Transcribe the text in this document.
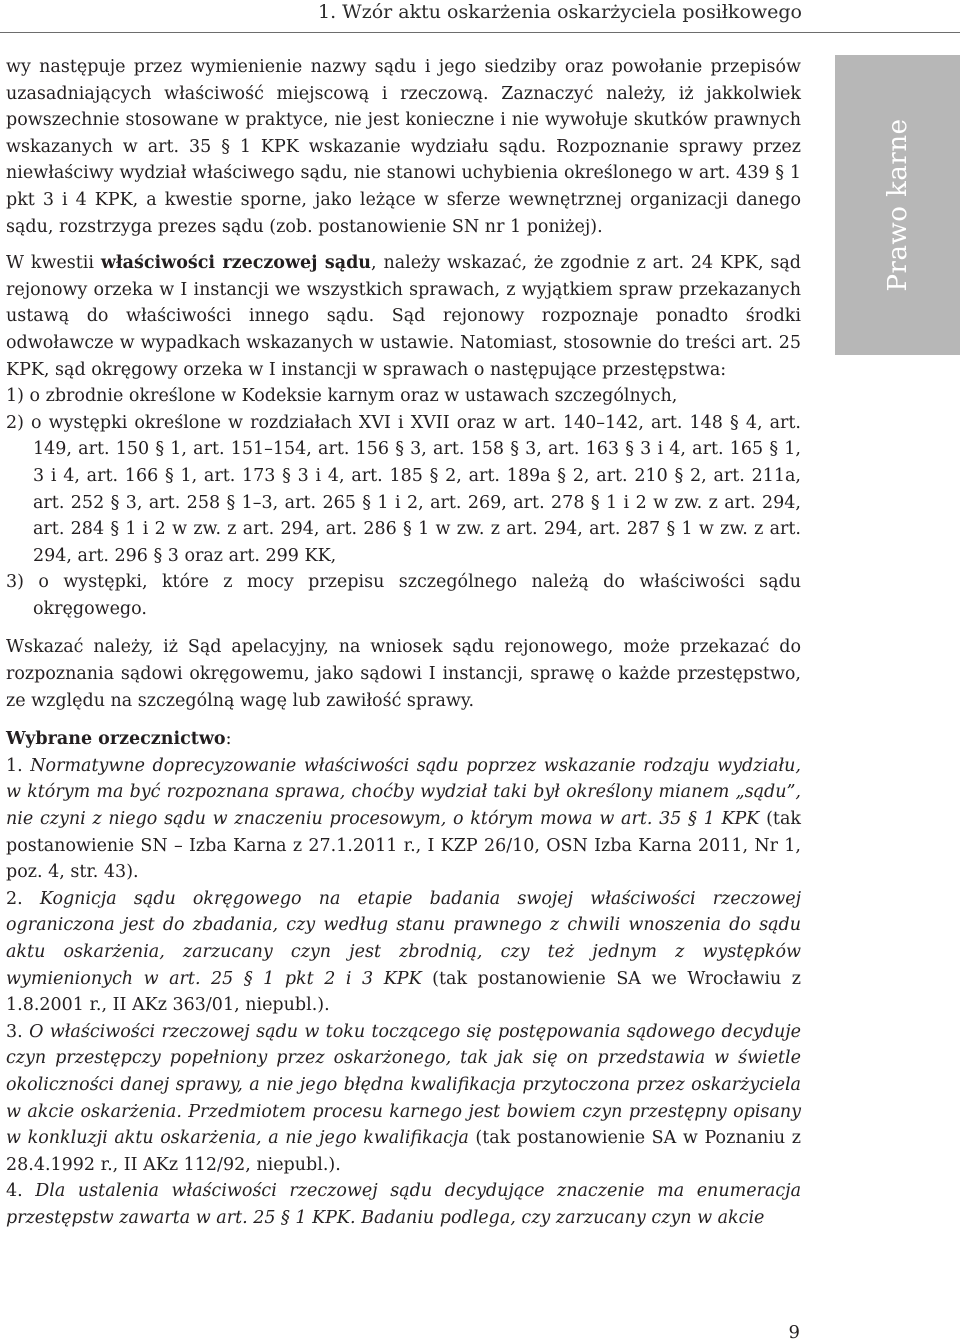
1. Wzór aktu oskarżenia oskarżyciela posiłkowego
Prawo karne

wy następuje przez wymienienie nazwy sądu i jego siedziby oraz powołanie przepisów uzasadniających właściwość miejscową i rzeczową. Zaznaczyć należy, iż jakkolwiek powszechnie stosowane w praktyce, nie jest konieczne i nie wywołuje skutków prawnych wskazanych w art. 35 § 1 KPK wskazanie wydziału sądu. Rozpoznanie sprawy przez niewłaściwy wydział właściwego sądu, nie stanowi uchybienia określonego w art. 439 § 1 pkt 3 i 4 KPK, a kwestie sporne, jako leżące w sferze wewnętrznej organizacji danego sądu, rozstrzyga prezes sądu (zob. postanowienie SN nr 1 poniżej).

W kwestii właściwości rzeczowej sądu, należy wskazać, że zgodnie z art. 24 KPK, sąd rejonowy orzeka w I instancji we wszystkich sprawach, z wyjątkiem spraw przekazanych ustawą do właściwości innego sądu. Sąd rejonowy rozpoznaje ponadto środki odwoławcze w wypadkach wskazanych w ustawie. Natomiast, stosownie do treści art. 25 KPK, sąd okręgowy orzeka w I instancji w sprawach o następujące przestępstwa:

1) o zbrodnie określone w Kodeksie karnym oraz w ustawach szczególnych,
2) o występki określone w rozdziałach XVI i XVII oraz w art. 140–142, art. 148 § 4, art. 149, art. 150 § 1, art. 151–154, art. 156 § 3, art. 158 § 3, art. 163 § 3 i 4, art. 165 § 1, 3 i 4, art. 166 § 1, art. 173 § 3 i 4, art. 185 § 2, art. 189a § 2, art. 210 § 2, art. 211a, art. 252 § 3, art. 258 § 1–3, art. 265 § 1 i 2, art. 269, art. 278 § 1 i 2 w zw. z art. 294, art. 284 § 1 i 2 w zw. z art. 294, art. 286 § 1 w zw. z art. 294, art. 287 § 1 w zw. z art. 294, art. 296 § 3 oraz art. 299 KK,
3) o występki, które z mocy przepisu szczególnego należą do właściwości sądu okręgowego.

Wskazać należy, iż Sąd apelacyjny, na wniosek sądu rejonowego, może przekazać do rozpoznania sądowi okręgowemu, jako sądowi I instancji, sprawę o każde przestępstwo, ze względu na szczególną wagę lub zawiłość sprawy.

Wybrane orzecznictwo:

1. Normatywne doprecyzowanie właściwości sądu poprzez wskazanie rodzaju wydziału, w którym ma być rozpoznana sprawa, choćby wydział taki był określony mianem „sądu”, nie czyni z niego sądu w znaczeniu procesowym, o którym mowa w art. 35 § 1 KPK (tak postanowienie SN – Izba Karna z 27.1.2011 r., I KZP 26/10, OSN Izba Karna 2011, Nr 1, poz. 4, str. 43).

2. Kognicja sądu okręgowego na etapie badania swojej właściwości rzeczowej ograniczona jest do zbadania, czy według stanu prawnego z chwili wnoszenia do sądu aktu oskarżenia, zarzucany czyn jest zbrodnią, czy też jednym z występków wymienionych w art. 25 § 1 pkt 2 i 3 KPK (tak postanowienie SA we Wrocławiu z 1.8.2001 r., II AKz 363/01, niepubl.).

3. O właściwości rzeczowej sądu w toku toczącego się postępowania sądowego decyduje czyn przestępczy popełniony przez oskarżonego, tak jak się on przedstawia w świetle okoliczności danej sprawy, a nie jego błędna kwalifikacja przytoczona przez oskarżyciela w akcie oskarżenia. Przedmiotem procesu karnego jest bowiem czyn przestępny opisany w konkluzji aktu oskarżenia, a nie jego kwalifikacja (tak postanowienie SA w Poznaniu z 28.4.1992 r., II AKz 112/92, niepubl.).

4. Dla ustalenia właściwości rzeczowej sądu decydujące znaczenie ma enumeracja przestępstw zawarta w art. 25 § 1 KPK. Badaniu podlega, czy zarzucany czyn w akcie

9
